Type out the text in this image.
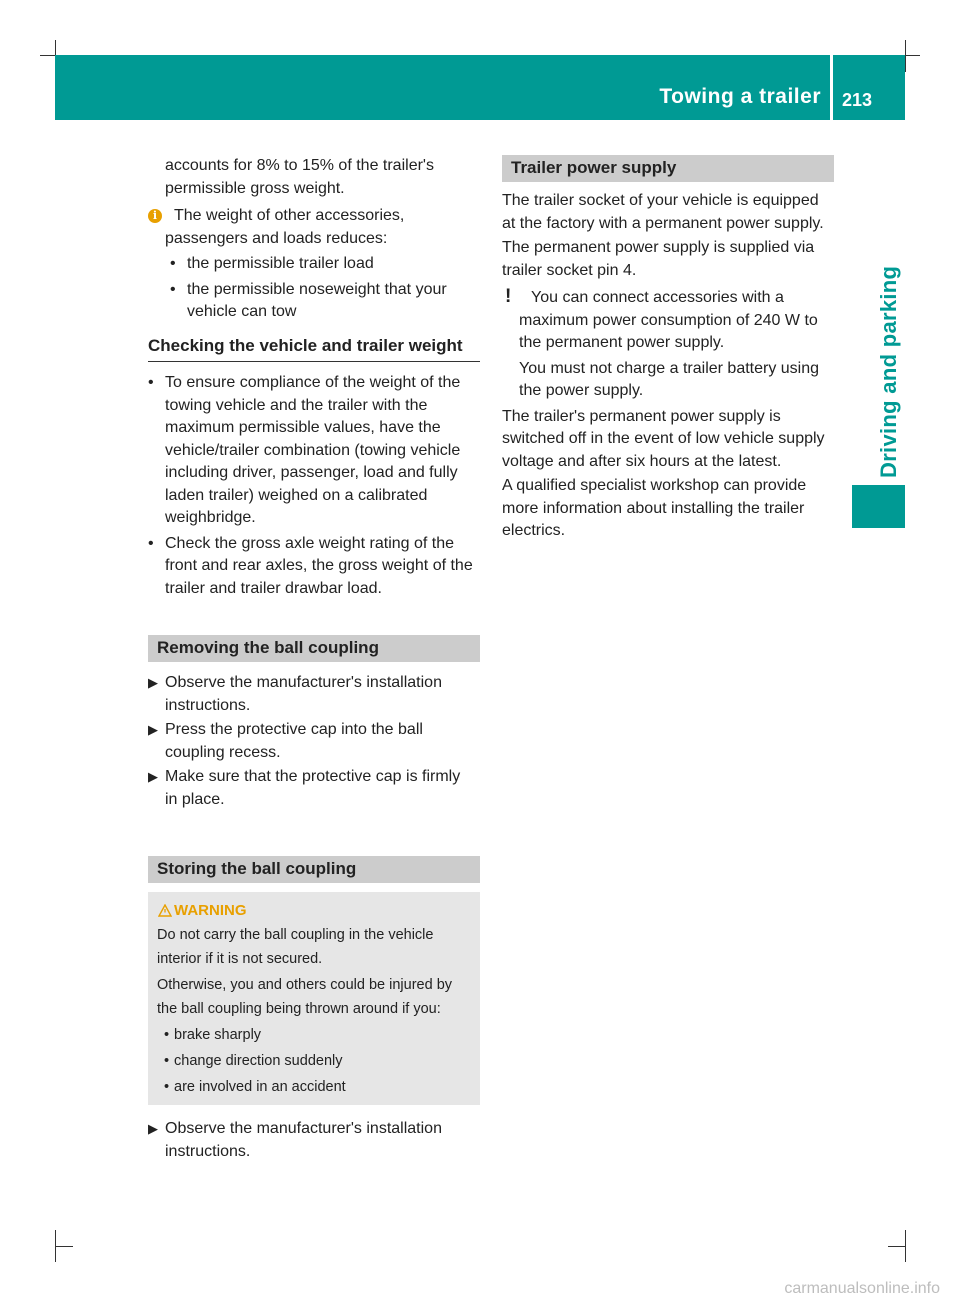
Towing a trailer 213
Driving and parking

accounts for 8% to 15% of the trailer's
permissible gross weight.

i	The weight of other accessories,
passengers and loads reduces:

• the permissible trailer load

• the permissible noseweight that your
vehicle can tow

Checking the vehicle and trailer weight

• To ensure compliance of the weight of the
towing vehicle and the trailer with the
maximum permissible values, have the
vehicle/trailer combination (towing vehicle
including driver, passenger, load and fully
laden trailer) weighed on a calibrated
weighbridge.

• Check the gross axle weight rating of the
front and rear axles, the gross weight of the
trailer and trailer drawbar load.

Removing the ball coupling

▶ Observe the manufacturer's installation
instructions.

▶ Press the protective cap into the ball
coupling recess.

▶ Make sure that the protective cap is firmly
in place.

Storing the ball coupling
WARNING
Do not carry the ball coupling in the vehicle
interior if it is not secured.
Otherwise, you and others could be injured by
the ball coupling being thrown around if you:
• brake sharply
• change direction suddenly
• are involved in an accident

▶ Observe the manufacturer's installation
instructions.

Trailer power supply

The trailer socket of your vehicle is equipped
at the factory with a permanent power supply.

The permanent power supply is supplied via
trailer socket pin 4.

!	You can connect accessories with a
maximum power consumption of 240 W to
the permanent power supply.

You must not charge a trailer battery using
the power supply.

The trailer's permanent power supply is
switched off in the event of low vehicle supply
voltage and after six hours at the latest.

A qualified specialist workshop can provide
more information about installing the trailer
electrics.

carmanualsonline.info
